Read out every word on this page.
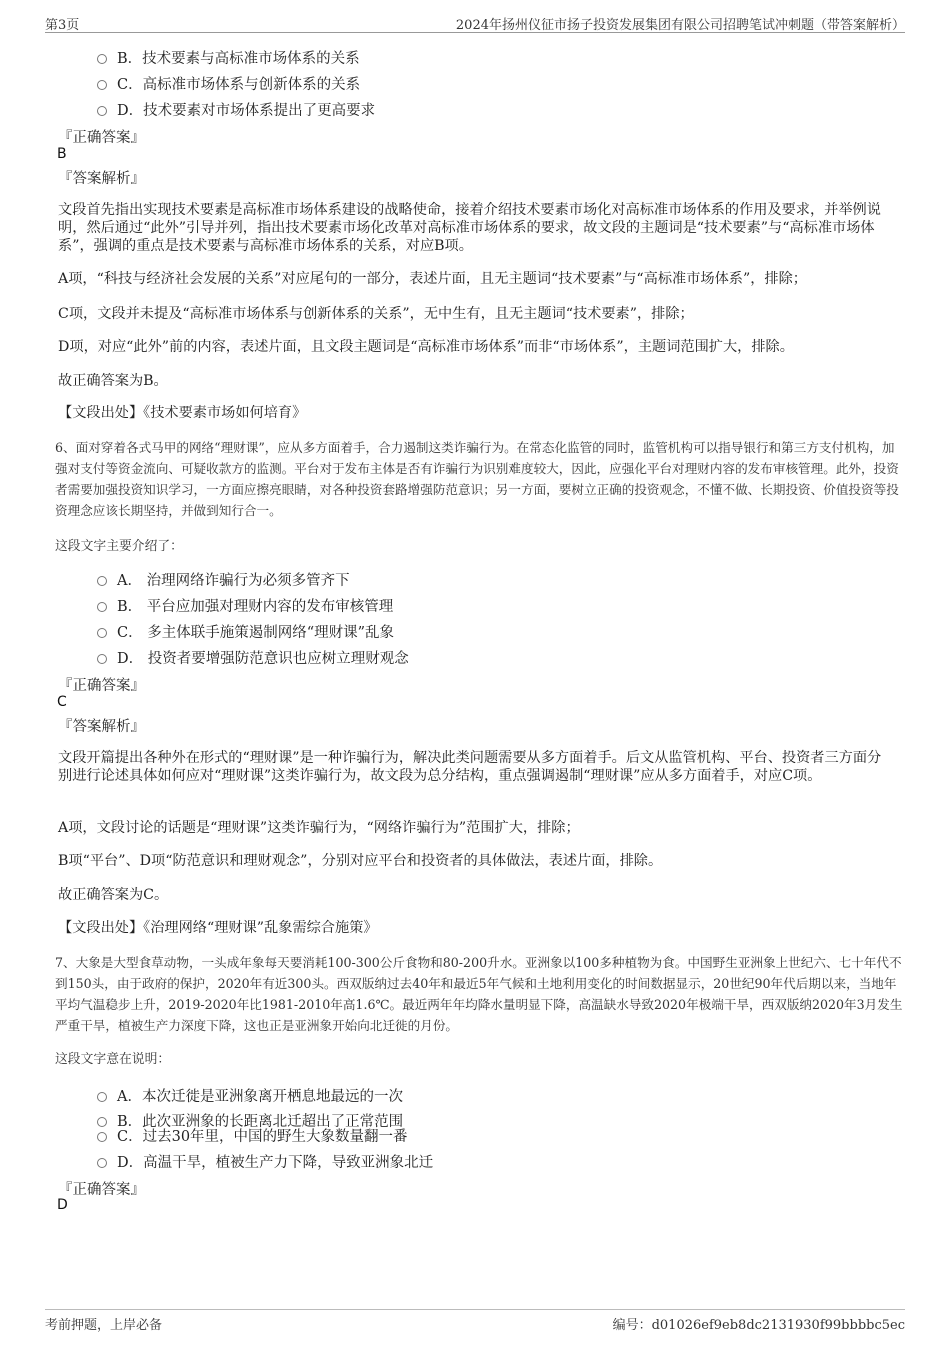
第3页	2024年扬州仪征市扬子投资发展集团有限公司招聘笔试冲刺题（带答案解析）
B．技术要素与高标准市场体系的关系
C．高标准市场体系与创新体系的关系
D．技术要素对市场体系提出了更高要求
『正确答案』
B
『答案解析』
文段首先指出实现技术要素是高标准市场体系建设的战略使命，接着介绍技术要素市场化对高标准市场体系的作用及要求，并举例说明，然后通过“此外”引导并列，指出技术要素市场化改革对高标准市场体系的要求，故文段的主题词是“技术要素”与“高标准市场体系”，强调的重点是技术要素与高标准市场体系的关系，对应B项。
A项，“科技与经济社会发展的关系”对应尾句的一部分，表述片面，且无主题词“技术要素”与“高标准市场体系”，排除；
C项，文段并未提及“高标准市场体系与创新体系的关系”，无中生有，且无主题词“技术要素”，排除；
D项，对应“此外”前的内容，表述片面，且文段主题词是“高标准市场体系”而非“市场体系”，主题词范围扩大，排除。
故正确答案为B。
【文段出处】《技术要素市场如何培育》
6、面对穿着各式马甲的网络“理财课”，应从多方面着手，合力遏制这类诈骗行为。在常态化监管的同时，监管机构可以指导银行和第三方支付机构，加强对支付等资金流向、可疑收款方的监测。平台对于发布主体是否有诈骗行为识别难度较大，因此，应强化平台对理财内容的发布审核管理。此外，投资者需要加强投资知识学习，一方面应擦亮眼睛，对各种投资套路增强防范意识；另一方面，要树立正确的投资观念，不懂不做、长期投资、价值投资等投资理念应该长期坚持，并做到知行合一。
这段文字主要介绍了：
A． 治理网络诈骗行为必须多管齐下
B． 平台应加强对理财内容的发布审核管理
C． 多主体联手施策遏制网络“理财课”乱象
D． 投资者要增强防范意识也应树立理财观念
『正确答案』
C
『答案解析』
文段开篇提出各种外在形式的“理财课”是一种诈骗行为，解决此类问题需要从多方面着手。后文从监管机构、平台、投资者三方面分别进行论述具体如何应对“理财课”这类诈骗行为，故文段为总分结构，重点强调遏制“理财课”应从多方面着手，对应C项。
A项，文段讨论的话题是“理财课”这类诈骗行为，“网络诈骗行为”范围扩大，排除；
B项“平台”、D项“防范意识和理财观念”，分别对应平台和投资者的具体做法，表述片面，排除。
故正确答案为C。
【文段出处】《治理网络“理财课”乱象需综合施策》
7、大象是大型食草动物，一头成年象每天要消耗100-300公斤食物和80-200升水。亚洲象以100多种植物为食。中国野生亚洲象上世纪六、七十年代不到150头，由于政府的保护，2020年有近300头。西双版纳过去40年和最近5年气候和土地利用变化的时间数据显示，20世纪90年代后期以来，当地年平均气温稳步上升，2019-2020年比1981-2010年高1.6℃。最近两年年均降水量明显下降，高温缺水导致2020年极端干旱，西双版纳2020年3月发生严重干旱，植被生产力深度下降，这也正是亚洲象开始向北迁徙的月份。
这段文字意在说明：
A．本次迁徙是亚洲象离开栖息地最远的一次
B．此次亚洲象的长距离北迁超出了正常范围
C．过去30年里，中国的野生大象数量翻一番
D．高温干旱，植被生产力下降，导致亚洲象北迁
『正确答案』
D
考前押题，上岸必备	编号：d01026ef9eb8dc2131930f99bbbbc5ec
